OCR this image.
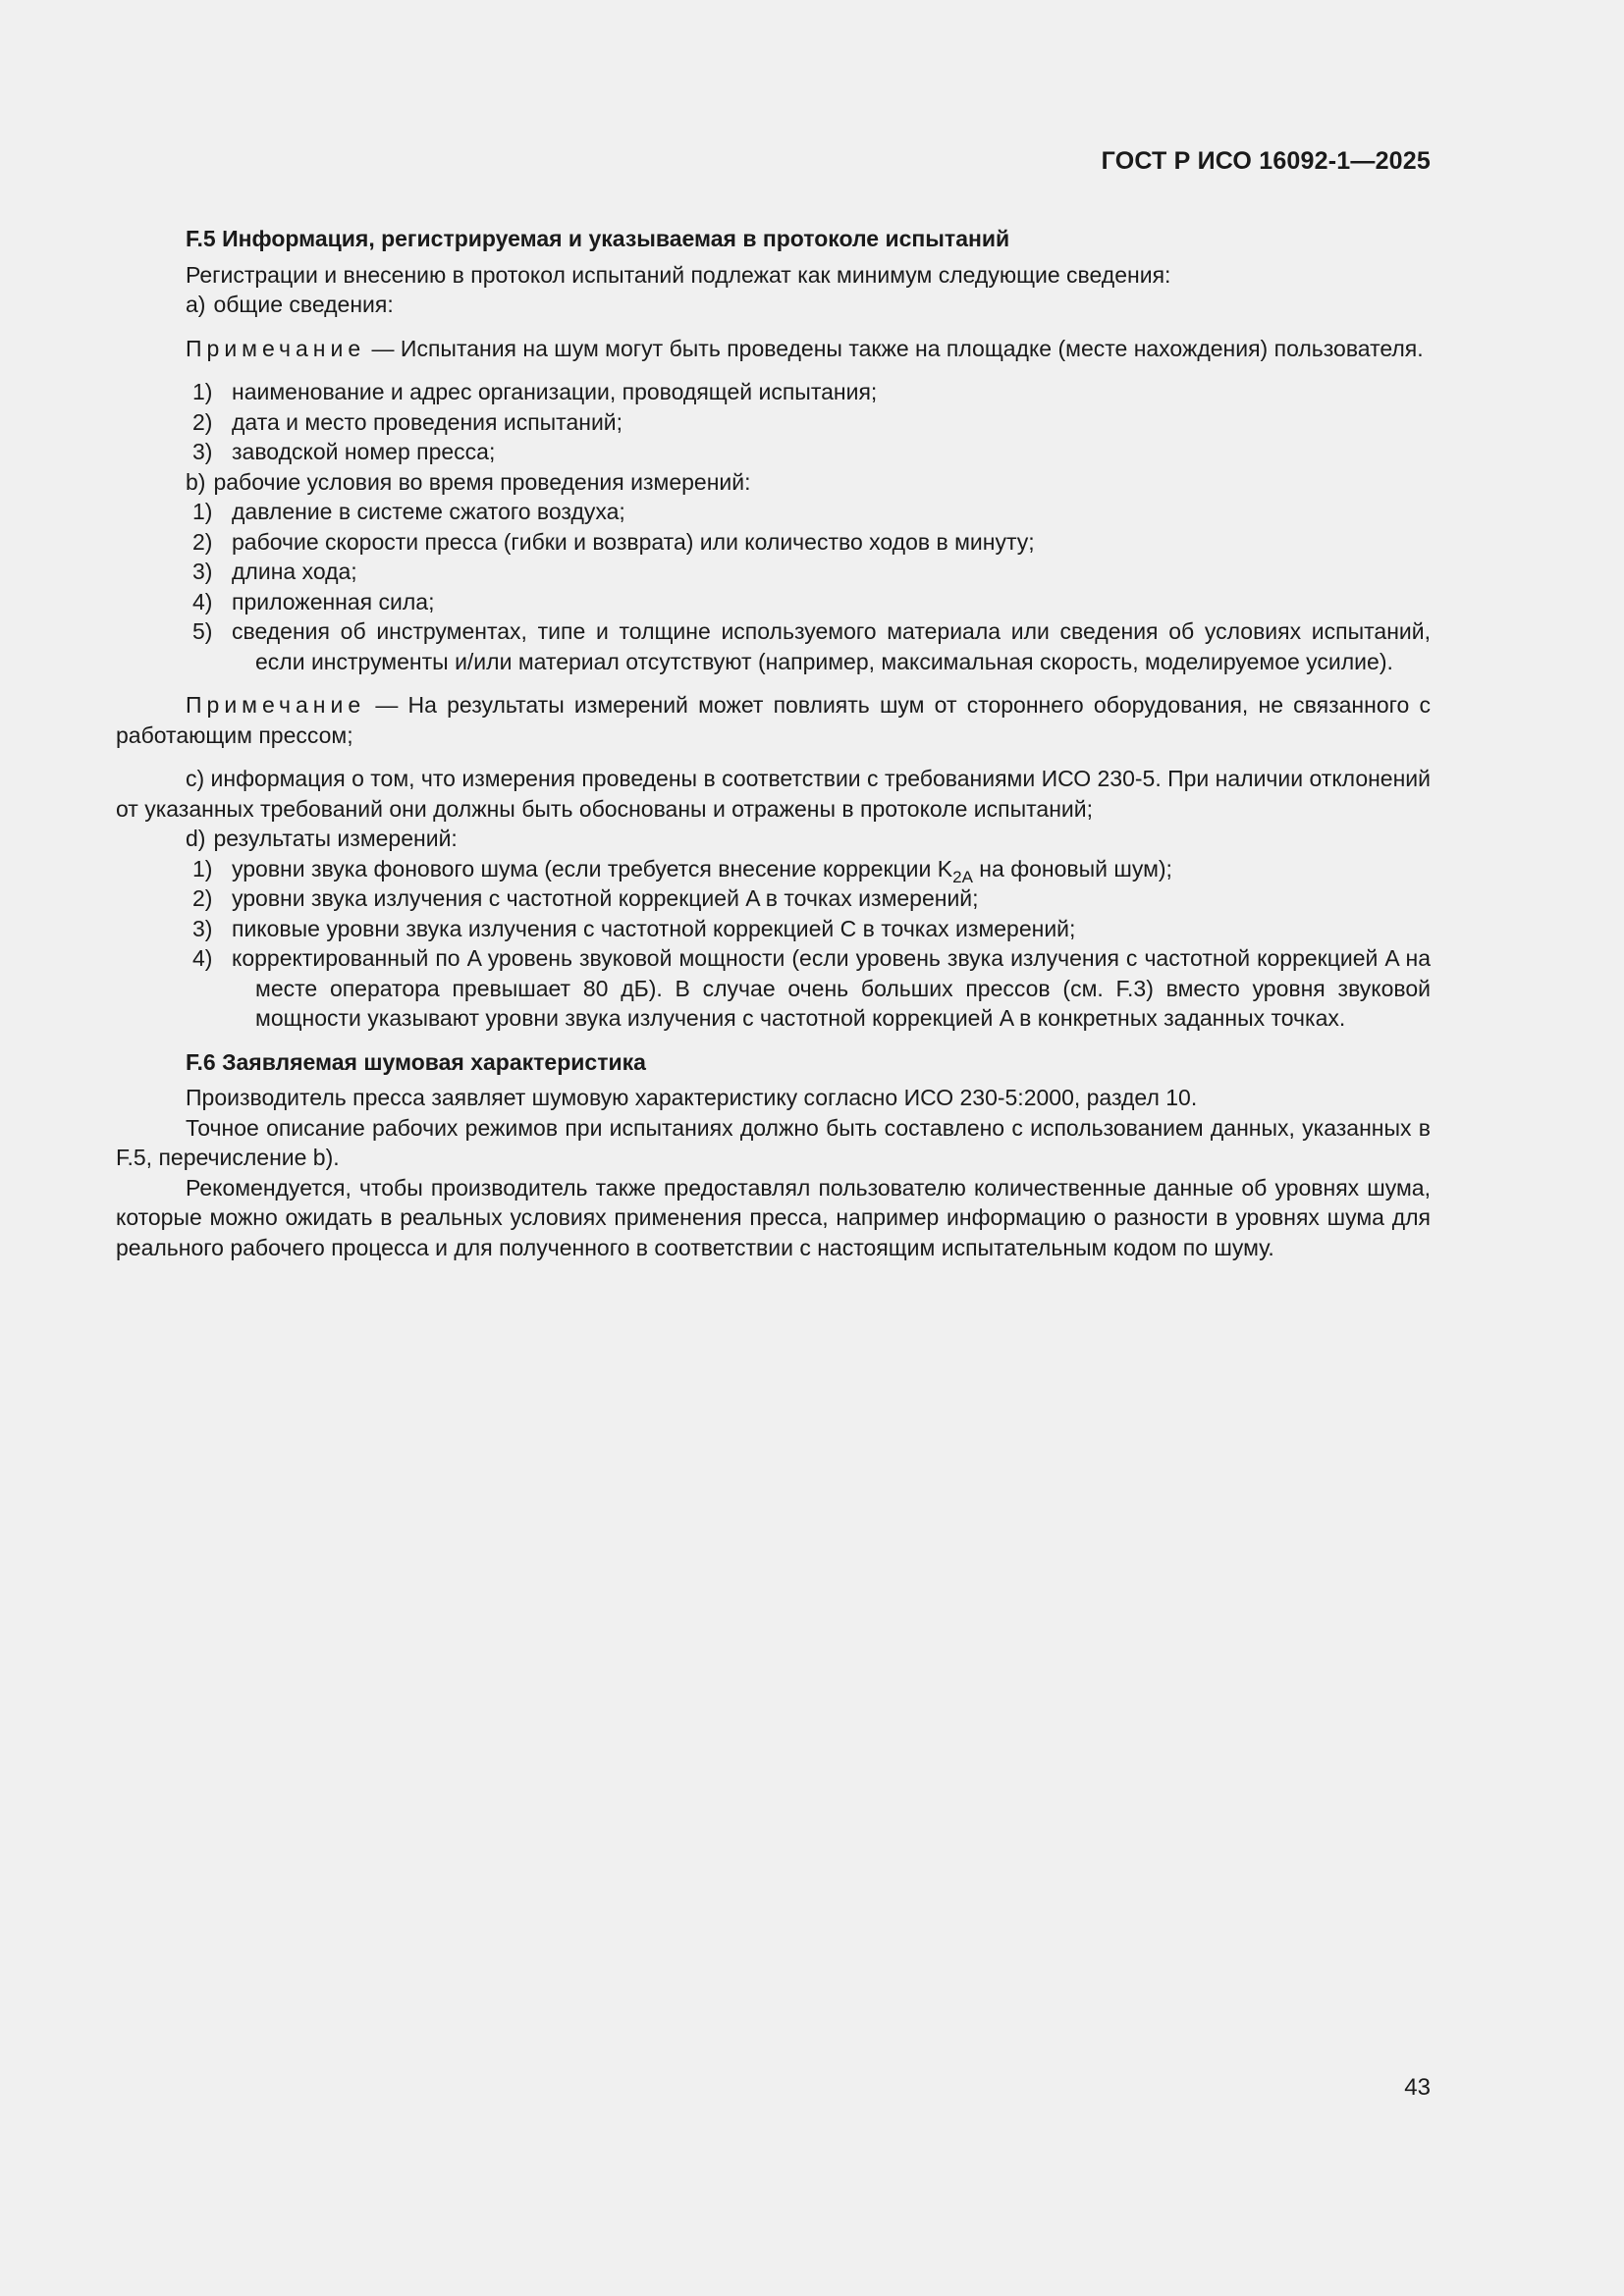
ГОСТ Р ИСО 16092-1—2025

F.5 Информация, регистрируемая и указываемая в протоколе испытаний

Регистрации и внесению в протокол испытаний подлежат как минимум следующие сведения:

a) общие сведения:

Примечание — Испытания на шум могут быть проведены также на площадке (месте нахождения) пользователя.

1) наименование и адрес организации, проводящей испытания;

2) дата и место проведения испытаний;

3) заводской номер пресса;

b) рабочие условия во время проведения измерений:

1) давление в системе сжатого воздуха;

2) рабочие скорости пресса (гибки и возврата) или количество ходов в минуту;

3) длина хода;

4) приложенная сила;

5) сведения об инструментах, типе и толщине используемого материала или сведения об условиях испытаний, если инструменты и/или материал отсутствуют (например, максимальная скорость, моделируемое усилие).

Примечание — На результаты измерений может повлиять шум от стороннего оборудования, не связанного с работающим прессом;

c) информация о том, что измерения проведены в соответствии с требованиями ИСО 230-5. При наличии отклонений от указанных требований они должны быть обоснованы и отражены в протоколе испытаний;

d) результаты измерений:

1) уровни звука фонового шума (если требуется внесение коррекции $K_{2A}$ на фоновый шум);

2) уровни звука излучения с частотной коррекцией A в точках измерений;

3) пиковые уровни звука излучения с частотной коррекцией C в точках измерений;

4) корректированный по A уровень звуковой мощности (если уровень звука излучения с частотной коррекцией A на месте оператора превышает 80 дБ). В случае очень больших прессов (см. F.3) вместо уровня звуковой мощности указывают уровни звука излучения с частотной коррекцией A в конкретных заданных точках.

F.6 Заявляемая шумовая характеристика

Производитель пресса заявляет шумовую характеристику согласно ИСО 230-5:2000, раздел 10.

Точное описание рабочих режимов при испытаниях должно быть составлено с использованием данных, указанных в F.5, перечисление b).

Рекомендуется, чтобы производитель также предоставлял пользователю количественные данные об уровнях шума, которые можно ожидать в реальных условиях применения пресса, например информацию о разности в уровнях шума для реального рабочего процесса и для полученного в соответствии с настоящим испытательным кодом по шуму.

43
